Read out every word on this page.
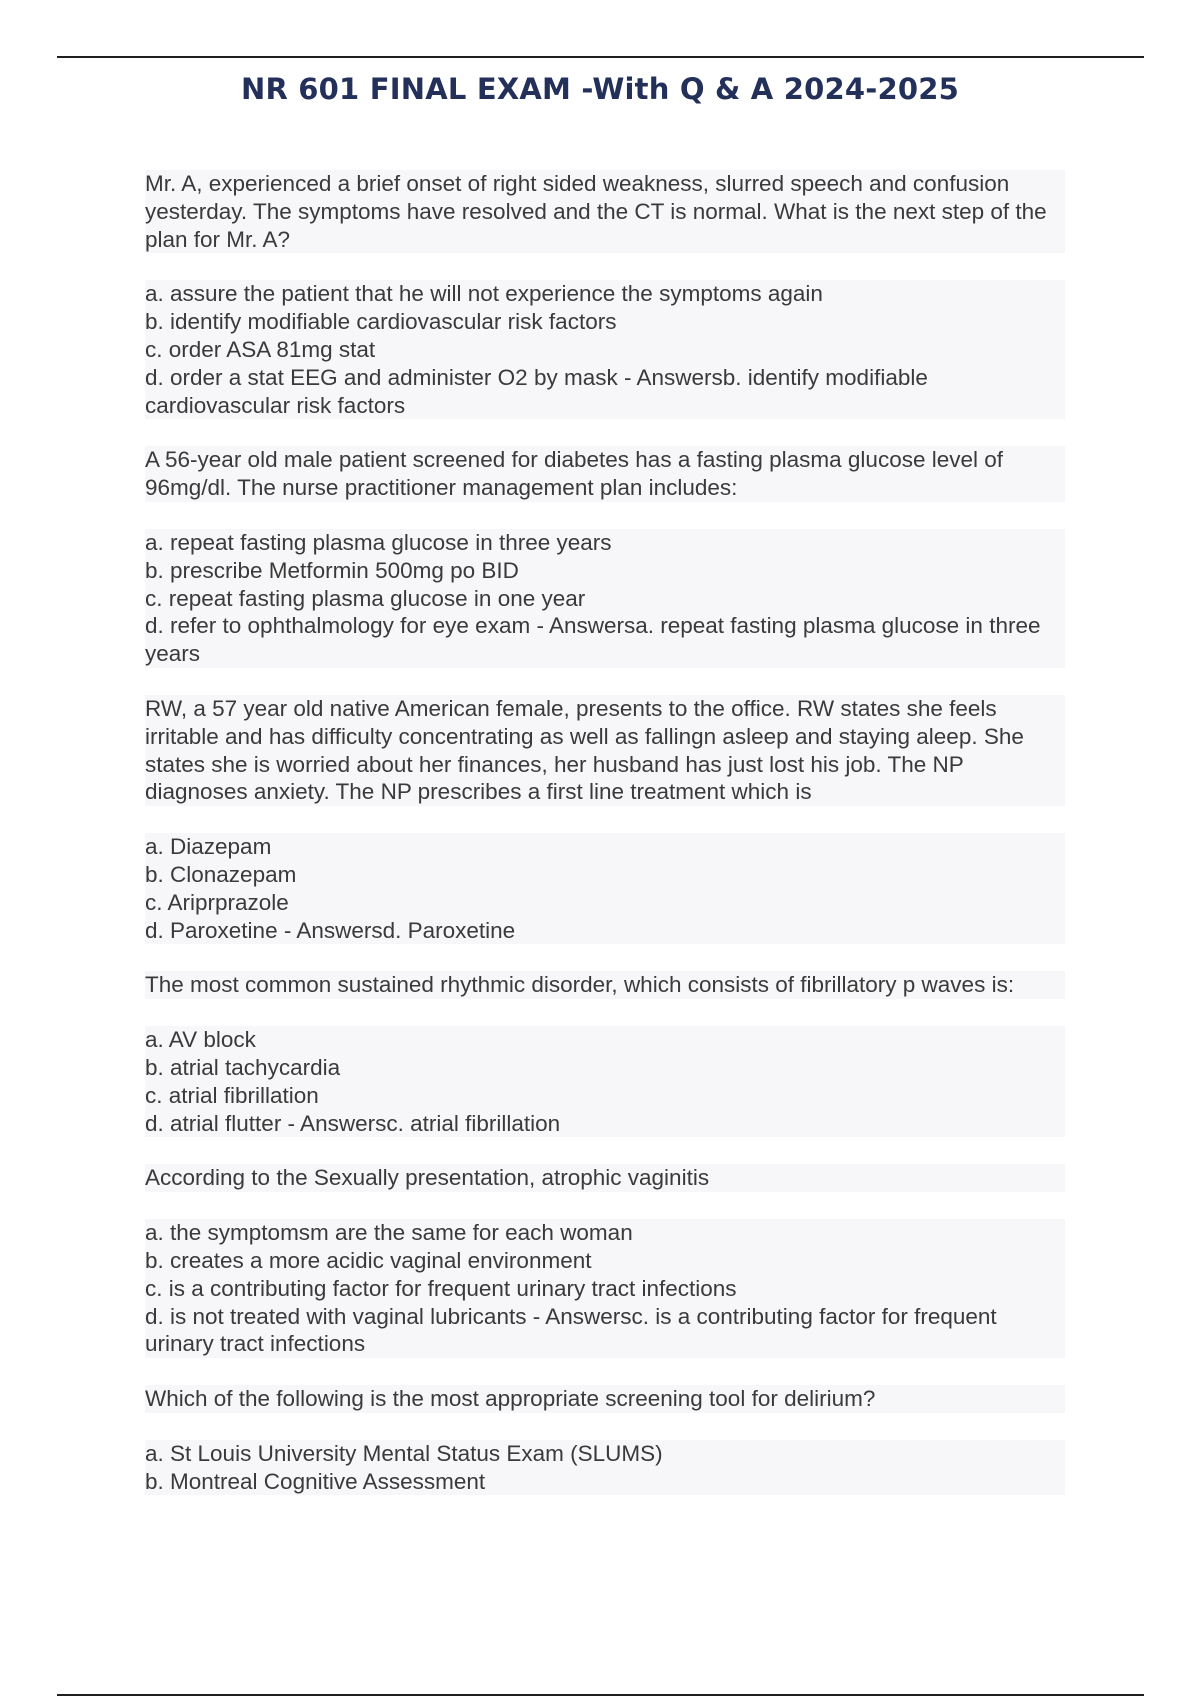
NR 601 FINAL EXAM -With Q & A 2024-2025
Mr. A, experienced a brief onset of right sided weakness, slurred speech and confusion yesterday. The symptoms have resolved and the CT is normal. What is the next step of the plan for Mr. A?
a. assure the patient that he will not experience the symptoms again
b. identify modifiable cardiovascular risk factors
c. order ASA 81mg stat
d. order a stat EEG and administer O2 by mask - Answersb. identify modifiable cardiovascular risk factors
A 56-year old male patient screened for diabetes has a fasting plasma glucose level of 96mg/dl. The nurse practitioner management plan includes:
a. repeat fasting plasma glucose in three years
b. prescribe Metformin 500mg po BID
c. repeat fasting plasma glucose in one year
d. refer to ophthalmology for eye exam - Answersa. repeat fasting plasma glucose in three years
RW, a 57 year old native American female, presents to the office. RW states she feels irritable and has difficulty concentrating as well as fallingn asleep and staying aleep. She states she is worried about her finances, her husband has just lost his job. The NP diagnoses anxiety. The NP prescribes a first line treatment which is
a. Diazepam
b. Clonazepam
c. Ariprprazole
d. Paroxetine - Answersd. Paroxetine
The most common sustained rhythmic disorder, which consists of fibrillatory p waves is:
a. AV block
b. atrial tachycardia
c. atrial fibrillation
d. atrial flutter - Answersc. atrial fibrillation
According to the Sexually presentation, atrophic vaginitis
a. the symptomsm are the same for each woman
b. creates a more acidic vaginal environment
c. is a contributing factor for frequent urinary tract infections
d. is not treated with vaginal lubricants - Answersc. is a contributing factor for frequent urinary tract infections
Which of the following is the most appropriate screening tool for delirium?
a. St Louis University Mental Status Exam (SLUMS)
b. Montreal Cognitive Assessment
